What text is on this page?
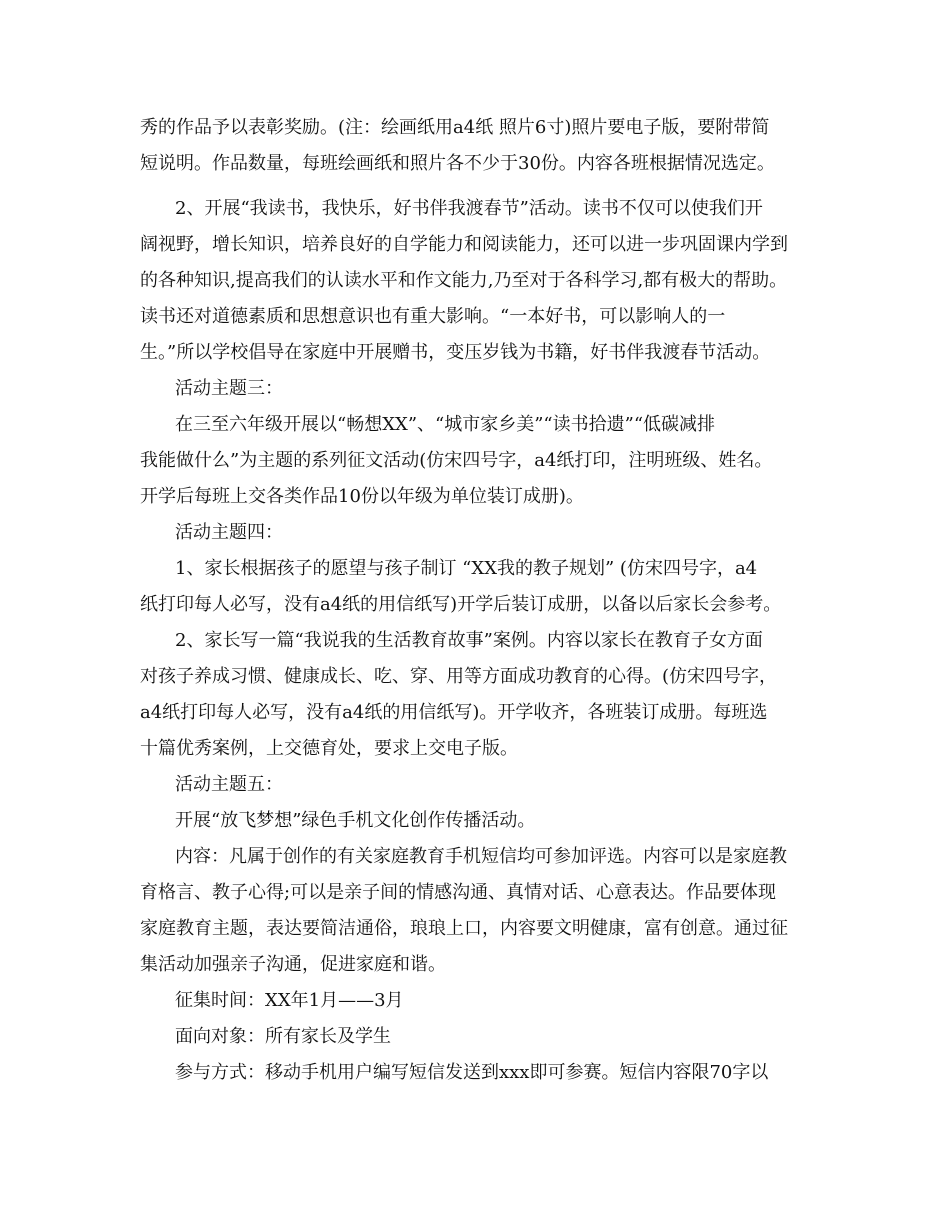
秀的作品予以表彰奖励。(注：绘画纸用a4纸 照片6寸)照片要电子版，要附带简
短说明。作品数量，每班绘画纸和照片各不少于30份。内容各班根据情况选定。
2、开展“我读书，我快乐，好书伴我渡春节”活动。读书不仅可以使我们开
阔视野，增长知识，培养良好的自学能力和阅读能力，还可以进一步巩固课内学到
的各种知识,提高我们的认读水平和作文能力,乃至对于各科学习,都有极大的帮助。
读书还对道德素质和思想意识也有重大影响。“一本好书，可以影响人的一
生。”所以学校倡导在家庭中开展赠书，变压岁钱为书籍，好书伴我渡春节活动。
活动主题三：
在三至六年级开展以“畅想XX”、“城市家乡美”“读书拾遗”“低碳减排
我能做什么”为主题的系列征文活动(仿宋四号字，a4纸打印，注明班级、姓名。
开学后每班上交各类作品10份以年级为单位装订成册)。
活动主题四：
1、家长根据孩子的愿望与孩子制订 “XX我的教子规划” (仿宋四号字，a4
纸打印每人必写，没有a4纸的用信纸写)开学后装订成册，以备以后家长会参考。
2、家长写一篇“我说我的生活教育故事”案例。内容以家长在教育子女方面
对孩子养成习惯、健康成长、吃、穿、用等方面成功教育的心得。(仿宋四号字，
a4纸打印每人必写，没有a4纸的用信纸写)。开学收齐，各班装订成册。每班选
十篇优秀案例，上交德育处，要求上交电子版。
活动主题五：
开展“放飞梦想”绿色手机文化创作传播活动。
内容：凡属于创作的有关家庭教育手机短信均可参加评选。内容可以是家庭教
育格言、教子心得;可以是亲子间的情感沟通、真情对话、心意表达。作品要体现
家庭教育主题，表达要简洁通俗，琅琅上口，内容要文明健康，富有创意。通过征
集活动加强亲子沟通，促进家庭和谐。
征集时间：XX年1月——3月
面向对象：所有家长及学生
参与方式：移动手机用户编写短信发送到xxx即可参赛。短信内容限70字以
